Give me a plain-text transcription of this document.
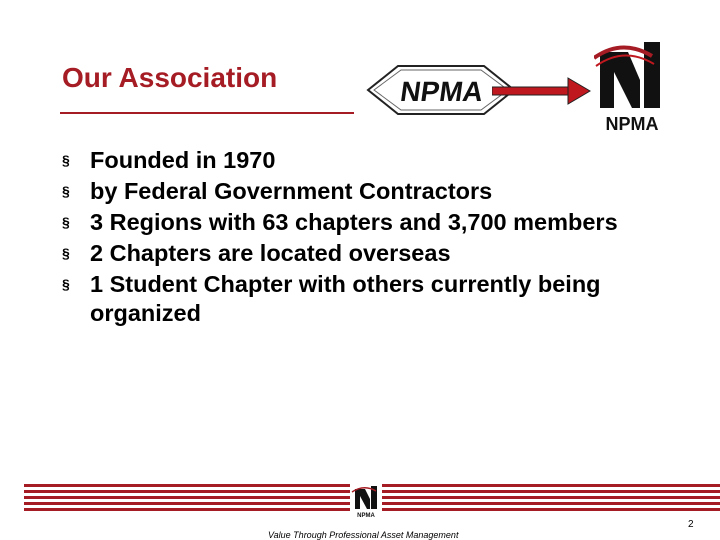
Our Association	NPMA
NPMA
§ Founded in 1970
§ by Federal Government Contractors
§ 3 Regions with 63 chapters and 3,700 members
§ 2 Chapters are located overseas
§ 1 Student Chapter with others currently being organized
NPMA
Value Through Professional Asset Management
2
